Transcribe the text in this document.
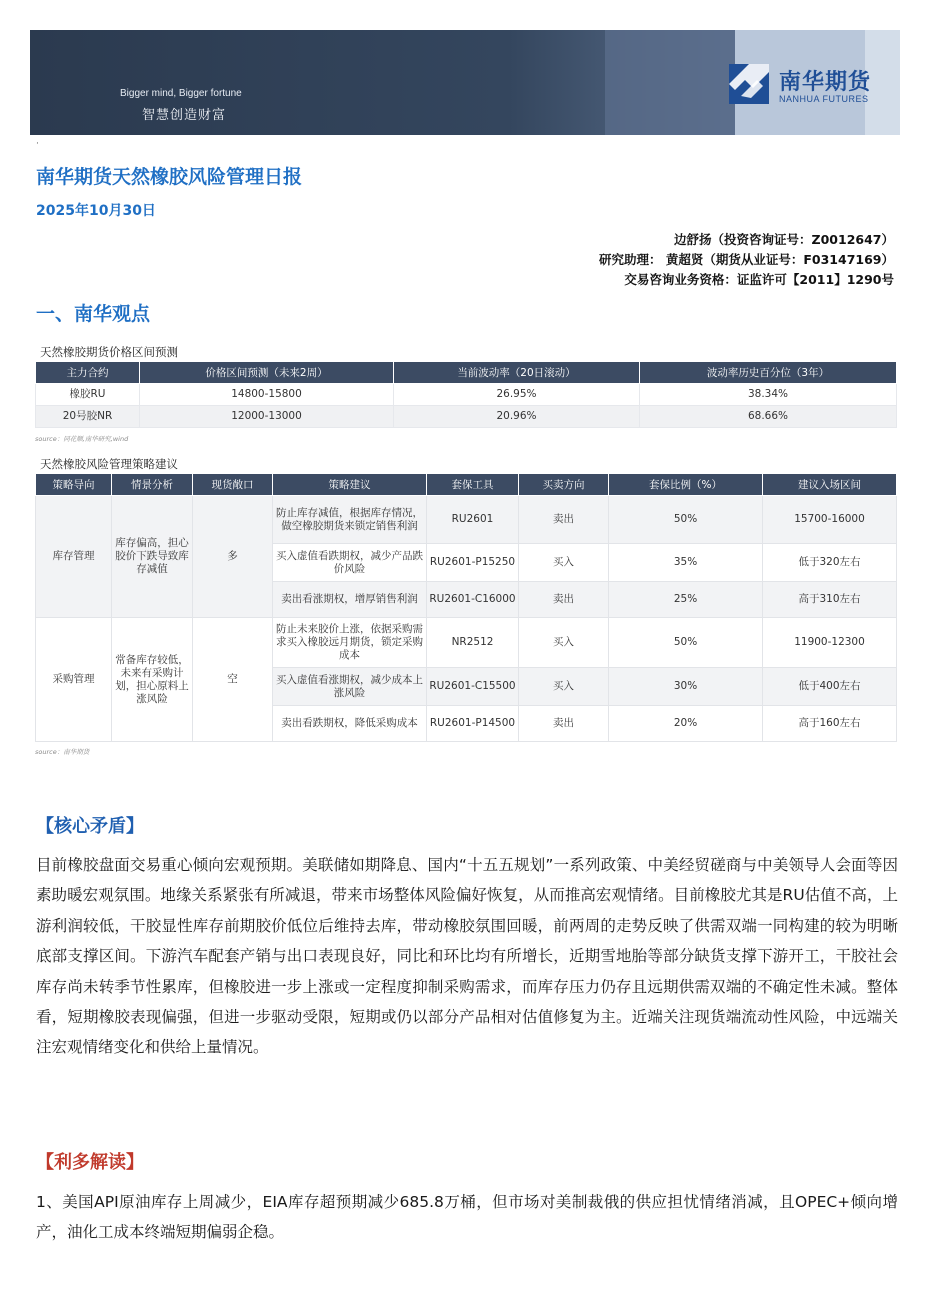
Bigger mind, Bigger fortune
智慧创造财富
南华期货
NANHUA FUTURES
·
南华期货天然橡胶风险管理日报
2025年10月30日
边舒扬（投资咨询证号：Z0012647）
研究助理： 黄超贤（期货从业证号：F03147169）
交易咨询业务资格：证监许可【2011】1290号
一、南华观点
天然橡胶期货价格区间预测
主力合约	价格区间预测（未来2周）	当前波动率（20日滚动）	波动率历史百分位（3年）
橡胶RU	14800-15800	26.95%	38.34%
20号胶NR	12000-13000	20.96%	68.66%
source：同花顺,南华研究,wind
天然橡胶风险管理策略建议
策略导向	情景分析	现货敞口	策略建议	套保工具	买卖方向	套保比例（%）	建议入场区间
库存管理	库存偏高，担心胶价下跌导致库存减值	多	防止库存减值，根据库存情况，做空橡胶期货来锁定销售利润	RU2601	卖出	50%	15700-16000
			买入虚值看跌期权，减少产品跌价风险	RU2601-P15250	买入	35%	低于320左右
			卖出看涨期权，增厚销售利润	RU2601-C16000	卖出	25%	高于310左右
采购管理	常备库存较低，未来有采购计划，担心原料上涨风险	空	防止未来胶价上涨，依据采购需求买入橡胶远月期货，锁定采购成本	NR2512	买入	50%	11900-12300
			买入虚值看涨期权，减少成本上涨风险	RU2601-C15500	买入	30%	低于400左右
			卖出看跌期权，降低采购成本	RU2601-P14500	卖出	20%	高于160左右
source：南华期货
【核心矛盾】
目前橡胶盘面交易重心倾向宏观预期。美联储如期降息、国内“十五五规划”一系列政策、中美经贸磋商与中美领导人会面等因素助暖宏观氛围。地缘关系紧张有所减退，带来市场整体风险偏好恢复，从而推高宏观情绪。目前橡胶尤其是RU估值不高，上游利润较低，干胶显性库存前期胶价低位后维持去库，带动橡胶氛围回暖，前两周的走势反映了供需双端一同构建的较为明晰底部支撑区间。下游汽车配套产销与出口表现良好，同比和环比均有所增长，近期雪地胎等部分缺货支撑下游开工，干胶社会库存尚未转季节性累库，但橡胶进一步上涨或一定程度抑制采购需求，而库存压力仍存且远期供需双端的不确定性未减。整体看，短期橡胶表现偏强，但进一步驱动受限，短期或仍以部分产品相对估值修复为主。近端关注现货端流动性风险，中远端关注宏观情绪变化和供给上量情况。
【利多解读】
1、美国API原油库存上周减少，EIA库存超预期减少685.8万桶，但市场对美制裁俄的供应担忧情绪消减，且OPEC+倾向增产，油化工成本终端短期偏弱企稳。
